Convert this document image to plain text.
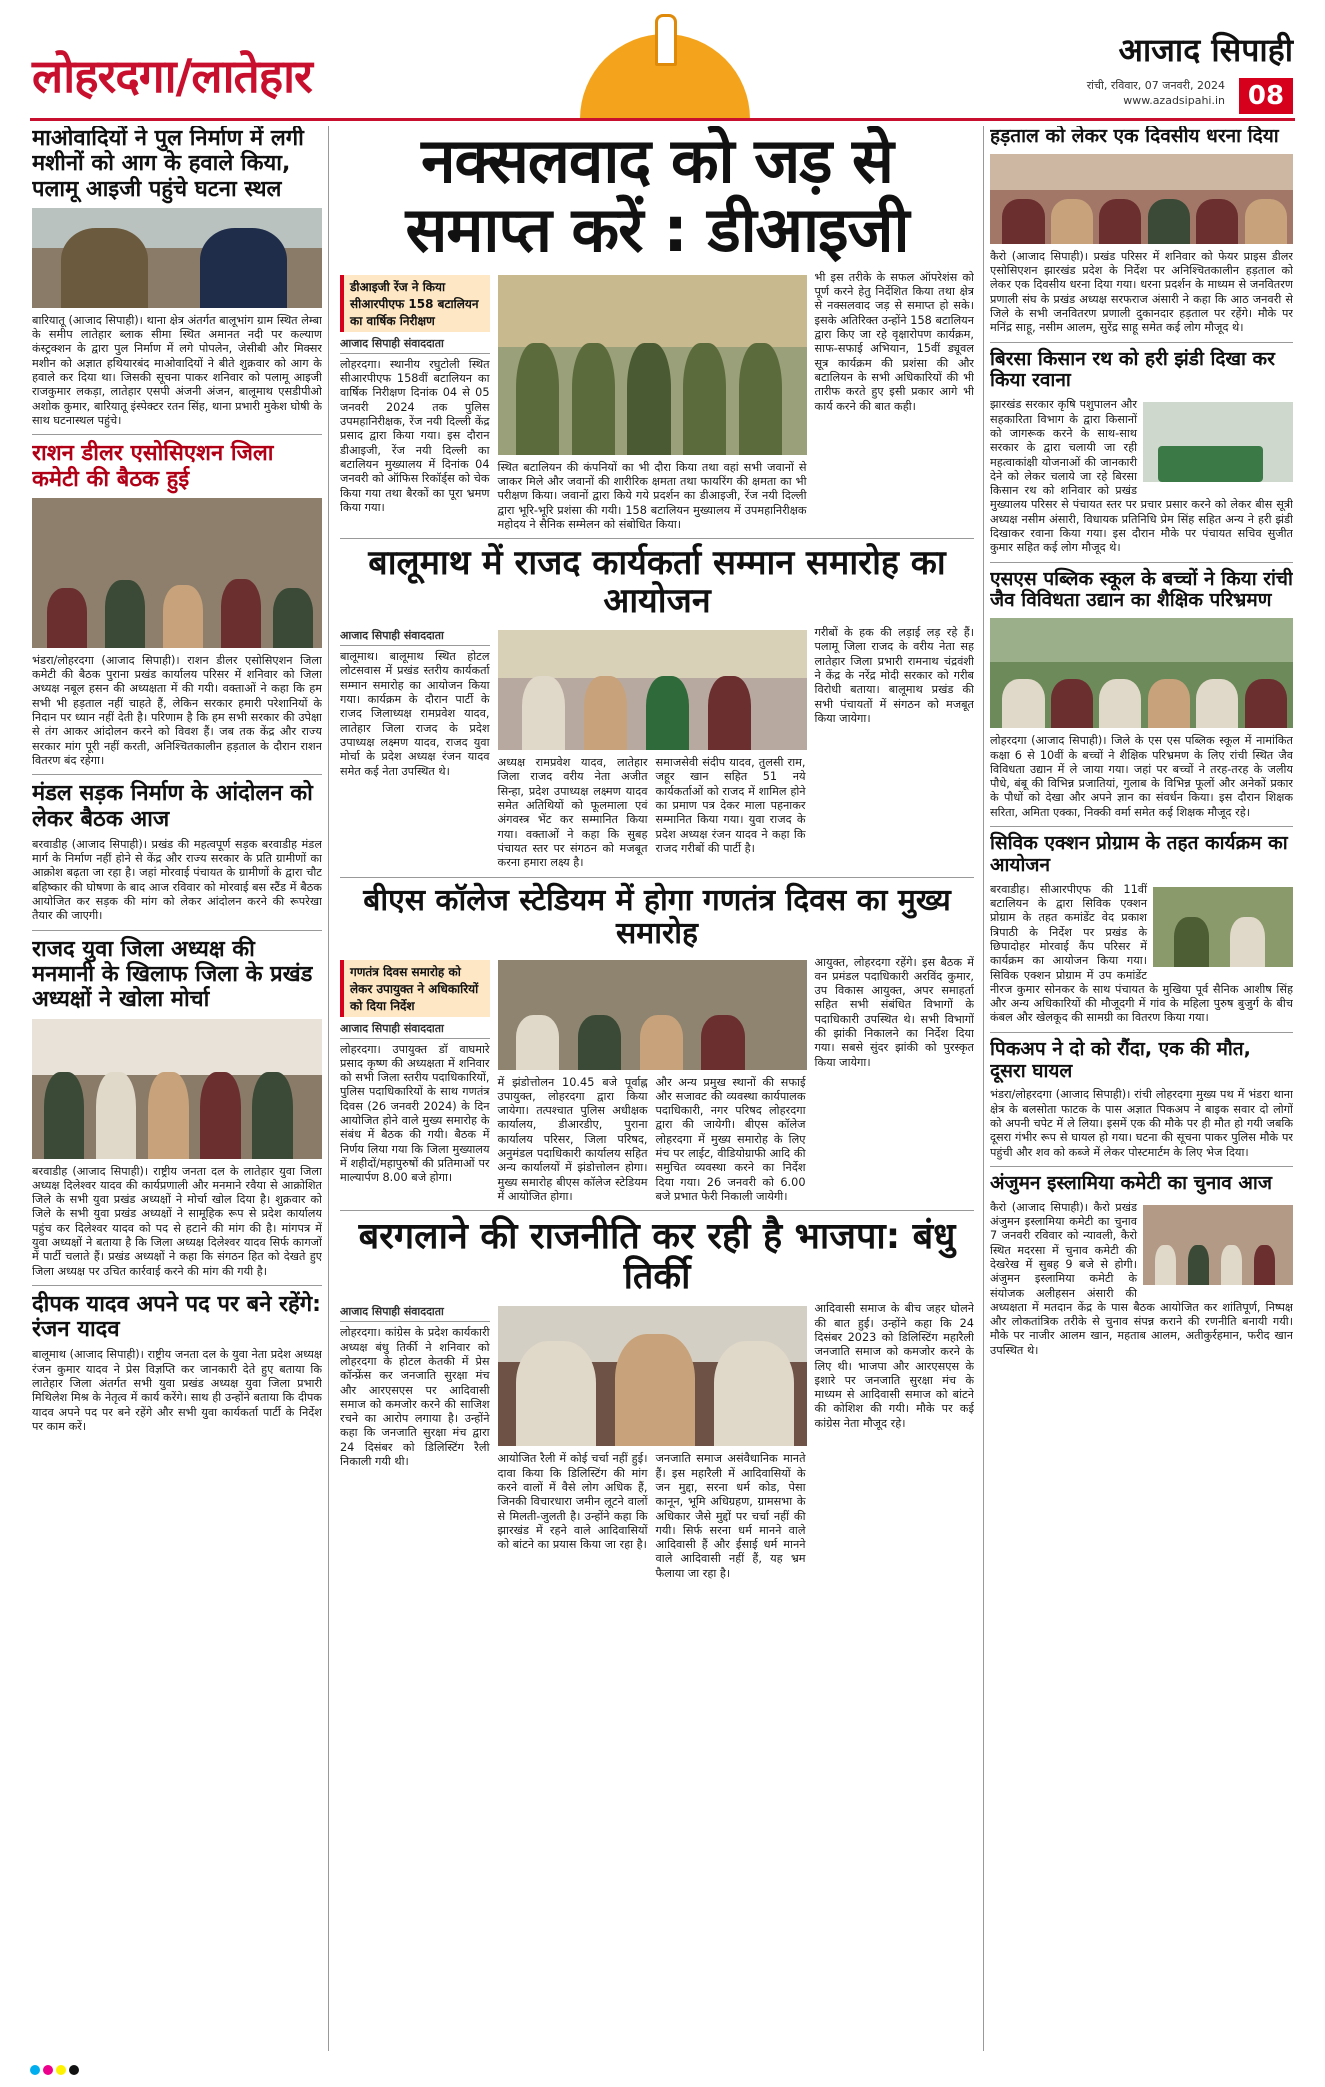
लोहरदगा/लातेहार	आजाद सिपाही
रांची, रविवार, 07 जनवरी, 2024
www.azadsipahi.in 08
माओवादियों ने पुल निर्माण में लगी मशीनों को आग के हवाले किया, पलामू आइजी पहुंचे घटना स्थल
बारियातू (आजाद सिपाही)। थाना क्षेत्र अंतर्गत बालूभांग ग्राम स्थित लेम्बा के समीप लातेहार ब्लाक सीमा स्थित अमानत नदी पर कल्याण कंस्ट्रक्शन के द्वारा पुल निर्माण में लगे पोपलेन, जेसीबी और मिक्सर मशीन को अज्ञात हथियारबंद माओवादियों ने बीते शुक्रवार को आग के हवाले कर दिया था। जिसकी सूचना पाकर शनिवार को पलामू आइजी राजकुमार लकड़ा, लातेहार एसपी अंजनी अंजन, बालूमाथ एसडीपीओ अशोक कुमार, बारियातू इंस्पेक्टर रतन सिंह, थाना प्रभारी मुकेश घोषी के साथ घटनास्थल पहुंचे।
राशन डीलर एसोसिएशन जिला कमेटी की बैठक हुई
भंडरा/लोहरदगा (आजाद सिपाही)। राशन डीलर एसोसिएशन जिला कमेटी की बैठक पुराना प्रखंड कार्यालय परिसर में शनिवार को जिला अध्यक्ष नबूल हसन की अध्यक्षता में की गयी। वक्ताओं ने कहा कि हम सभी भी हड़ताल नहीं चाहते हैं, लेकिन सरकार हमारी परेशानियों के निदान पर ध्यान नहीं देती है। परिणाम है कि हम सभी सरकार की उपेक्षा से तंग आकर आंदोलन करने को विवश हैं। जब तक केंद्र और राज्य सरकार मांग पूरी नहीं करती, अनिश्चितकालीन हड़ताल के दौरान राशन वितरण बंद रहेगा।
मंडल सड़क निर्माण के आंदोलन को लेकर बैठक आज
बरवाडीह (आजाद सिपाही)। प्रखंड की महत्वपूर्ण सड़क बरवाडीह मंडल मार्ग के निर्माण नहीं होने से केंद्र और राज्य सरकार के प्रति ग्रामीणों का आक्रोश बढ़ता जा रहा है। जहां मोरवाई पंचायत के ग्रामीणों के द्वारा चौट बहिष्कार की घोषणा के बाद आज रविवार को मोरवाई बस स्टैंड में बैठक आयोजित कर सड़क की मांग को लेकर आंदोलन करने की रूपरेखा तैयार की जाएगी।
राजद युवा जिला अध्यक्ष की मनमानी के खिलाफ जिला के प्रखंड अध्यक्षों ने खोला मोर्चा
बरवाडीह (आजाद सिपाही)। राष्ट्रीय जनता दल के लातेहार युवा जिला अध्यक्ष दिलेश्वर यादव की कार्यप्रणाली और मनमाने रवैया से आक्रोशित जिले के सभी युवा प्रखंड अध्यक्षों ने मोर्चा खोल दिया है। शुक्रवार को जिले के सभी युवा प्रखंड अध्यक्षों ने सामूहिक रूप से प्रदेश कार्यालय पहुंच कर दिलेश्वर यादव को पद से हटाने की मांग की है। मांगपत्र में युवा अध्यक्षों ने बताया है कि जिला अध्यक्ष दिलेश्वर यादव सिर्फ कागजों में पार्टी चलाते हैं। प्रखंड अध्यक्षों ने कहा कि संगठन हित को देखते हुए जिला अध्यक्ष पर उचित कार्रवाई करने की मांग की गयी है।
दीपक यादव अपने पद पर बने रहेंगे: रंजन यादव
बालूमाथ (आजाद सिपाही)। राष्ट्रीय जनता दल के युवा नेता प्रदेश अध्यक्ष रंजन कुमार यादव ने प्रेस विज्ञप्ति कर जानकारी देते हुए बताया कि लातेहार जिला अंतर्गत सभी युवा प्रखंड अध्यक्ष युवा जिला प्रभारी मिथिलेश मिश्र के नेतृत्व में कार्य करेंगे। साथ ही उन्होंने बताया कि दीपक यादव अपने पद पर बने रहेंगे और सभी युवा कार्यकर्ता पार्टी के निर्देश पर काम करें।
नक्सलवाद को जड़ से समाप्त करें : डीआइजी
डीआइजी रेंज ने किया सीआरपीएफ 158 बटालियन का वार्षिक निरीक्षण
आजाद सिपाही संवाददाता
लोहरदगा। स्थानीय रघुटोली स्थित सीआरपीएफ 158वीं बटालियन का वार्षिक निरीक्षण दिनांक 04 से 05 जनवरी 2024 तक पुलिस उपमहानिरीक्षक, रेंज नयी दिल्ली केंद्र प्रसाद द्वारा किया गया। इस दौरान डीआइजी, रेंज नयी दिल्ली का बटालियन मुख्यालय में दिनांक 04 जनवरी को ऑफिस रिकॉर्ड्स को चेक किया गया तथा बैरकों का पूरा भ्रमण किया गया।
स्थित बटालियन की कंपनियों का भी दौरा किया तथा वहां सभी जवानों से जाकर मिले और जवानों की शारीरिक क्षमता तथा फायरिंग की क्षमता का भी परीक्षण किया। जवानों द्वारा किये गये प्रदर्शन का डीआइजी, रेंज नयी दिल्ली द्वारा भूरि-भूरि प्रशंसा की गयी। 158 बटालियन मुख्यालय में उपमहानिरीक्षक महोदय ने सैनिक सम्मेलन को संबोधित किया।
भी इस तरीके के सफल ऑपरेशंस को पूर्ण करने हेतु निर्देशित किया तथा क्षेत्र से नक्सलवाद जड़ से समाप्त हो सके। इसके अतिरिक्त उन्होंने 158 बटालियन द्वारा किए जा रहे वृक्षारोपण कार्यक्रम, साफ-सफाई अभियान, 15वीं ड्यूवल सूत्र कार्यक्रम की प्रशंसा की और बटालियन के सभी अधिकारियों की भी तारीफ करते हुए इसी प्रकार आगे भी कार्य करने की बात कही।
बालूमाथ में राजद कार्यकर्ता सम्मान समारोह का आयोजन
आजाद सिपाही संवाददाता
बालूमाथ। बालूमाथ स्थित होटल लोटसवास में प्रखंड स्तरीय कार्यकर्ता सम्मान समारोह का आयोजन किया गया। कार्यक्रम के दौरान पार्टी के राजद जिलाध्यक्ष रामप्रवेश यादव, लातेहार जिला राजद के प्रदेश उपाध्यक्ष लक्ष्मण यादव, राजद युवा मोर्चा के प्रदेश अध्यक्ष रंजन यादव समेत कई नेता उपस्थित थे।
अध्यक्ष रामप्रवेश यादव, लातेहार जिला राजद वरीय नेता अजीत सिन्हा, प्रदेश उपाध्यक्ष लक्ष्मण यादव समेत अतिथियों को फूलमाला एवं अंगवस्त्र भेंट कर सम्मानित किया गया। वक्ताओं ने कहा कि सुबह पंचायत स्तर पर संगठन को मजबूत करना हमारा लक्ष्य है।
समाजसेवी संदीप यादव, तुलसी राम, जहूर खान सहित 51 नये कार्यकर्ताओं को राजद में शामिल होने का प्रमाण पत्र देकर माला पहनाकर सम्मानित किया गया। युवा राजद के प्रदेश अध्यक्ष रंजन यादव ने कहा कि राजद गरीबों की पार्टी है।
गरीबों के हक की लड़ाई लड़ रहे हैं। पलामू जिला राजद के वरीय नेता सह लातेहार जिला प्रभारी रामनाथ चंद्रवंशी ने केंद्र के नरेंद्र मोदी सरकार को गरीब विरोधी बताया। बालूमाथ प्रखंड की सभी पंचायतों में संगठन को मजबूत किया जायेगा।
बीएस कॉलेज स्टेडियम में होगा गणतंत्र दिवस का मुख्य समारोह
गणतंत्र दिवस समारोह को लेकर उपायुक्त ने अधिकारियों को दिया निर्देश
आजाद सिपाही संवाददाता
लोहरदगा। उपायुक्त डॉ वाघमारे प्रसाद कृष्ण की अध्यक्षता में शनिवार को सभी जिला स्तरीय पदाधिकारियों, पुलिस पदाधिकारियों के साथ गणतंत्र दिवस (26 जनवरी 2024) के दिन आयोजित होने वाले मुख्य समारोह के संबंध में बैठक की गयी। बैठक में निर्णय लिया गया कि जिला मुख्यालय में शहीदों/महापुरुषों की प्रतिमाओं पर माल्यार्पण 8.00 बजे होगा।
में झंडोत्तोलन 10.45 बजे पूर्वाह्न उपायुक्त, लोहरदगा द्वारा किया जायेगा। तत्पश्चात पुलिस अधीक्षक कार्यालय, डीआरडीए, पुराना कार्यालय परिसर, जिला परिषद, अनुमंडल पदाधिकारी कार्यालय सहित अन्य कार्यालयों में झंडोत्तोलन होगा। मुख्य समारोह बीएस कॉलेज स्टेडियम में आयोजित होगा।
और अन्य प्रमुख स्थानों की सफाई और सजावट की व्यवस्था कार्यपालक पदाधिकारी, नगर परिषद लोहरदगा द्वारा की जायेगी। बीएस कॉलेज लोहरदगा में मुख्य समारोह के लिए मंच पर लाईट, वीडियोग्राफी आदि की समुचित व्यवस्था करने का निर्देश दिया गया। 26 जनवरी को 6.00 बजे प्रभात फेरी निकाली जायेगी।
आयुक्त, लोहरदगा रहेंगे। इस बैठक में वन प्रमंडल पदाधिकारी अरविंद कुमार, उप विकास आयुक्त, अपर समाहर्ता सहित सभी संबंधित विभागों के पदाधिकारी उपस्थित थे। सभी विभागों की झांकी निकालने का निर्देश दिया गया। सबसे सुंदर झांकी को पुरस्कृत किया जायेगा।
बरगलाने की राजनीति कर रही है भाजपा: बंधु तिर्की
आजाद सिपाही संवाददाता
लोहरदगा। कांग्रेस के प्रदेश कार्यकारी अध्यक्ष बंधु तिर्की ने शनिवार को लोहरदगा के होटल केतकी में प्रेस कॉन्फ्रेंस कर जनजाति सुरक्षा मंच और आरएसएस पर आदिवासी समाज को कमजोर करने की साजिश रचने का आरोप लगाया है। उन्होंने कहा कि जनजाति सुरक्षा मंच द्वारा 24 दिसंबर को डिलिस्टिंग रैली निकाली गयी थी।	आयोजित रैली में कोई चर्चा नहीं हुई। दावा किया कि डिलिस्टिंग की मांग करने वालों में वैसे लोग अधिक हैं, जिनकी विचारधारा जमीन लूटने वालों से मिलती-जुलती है। उन्होंने कहा कि झारखंड में रहने वाले आदिवासियों को बांटने का प्रयास किया जा रहा है।
जनजाति समाज असंवैधानिक मानते हैं। इस महारैली में आदिवासियों के जन मुद्दा, सरना धर्म कोड, पेसा कानून, भूमि अधिग्रहण, ग्रामसभा के अधिकार जैसे मुद्दों पर चर्चा नहीं की गयी। सिर्फ सरना धर्म मानने वाले आदिवासी हैं और ईसाई धर्म मानने वाले आदिवासी नहीं हैं, यह भ्रम फैलाया जा रहा है।
आदिवासी समाज के बीच जहर घोलने की बात हुई। उन्होंने कहा कि 24 दिसंबर 2023 को डिलिस्टिंग महारैली जनजाति समाज को कमजोर करने के लिए थी। भाजपा और आरएसएस के इशारे पर जनजाति सुरक्षा मंच के माध्यम से आदिवासी समाज को बांटने की कोशिश की गयी। मौके पर कई कांग्रेस नेता मौजूद रहे।
हड़ताल को लेकर एक दिवसीय धरना दिया
कैरो (आजाद सिपाही)। प्रखंड परिसर में शनिवार को फेयर प्राइस डीलर एसोसिएशन झारखंड प्रदेश के निर्देश पर अनिश्चितकालीन हड़ताल को लेकर एक दिवसीय धरना दिया गया। धरना प्रदर्शन के माध्यम से जनवितरण प्रणाली संघ के प्रखंड अध्यक्ष सरफराज अंसारी ने कहा कि आठ जनवरी से जिले के सभी जनवितरण प्रणाली दुकानदार हड़ताल पर रहेंगे। मौके पर मनिंद्र साहू, नसीम आलम, सुरेंद्र साहू समेत कई लोग मौजूद थे।
बिरसा किसान रथ को हरी झंडी दिखा कर किया रवाना
झारखंड सरकार कृषि पशुपालन और सहकारिता विभाग के द्वारा किसानों को जागरूक करने के साथ-साथ सरकार के द्वारा चलायी जा रही महत्वाकांक्षी योजनाओं की जानकारी देने को लेकर चलाये जा रहे बिरसा किसान रथ को शनिवार को प्रखंड मुख्यालय परिसर से पंचायत स्तर पर प्रचार प्रसार करने को लेकर बीस सूत्री अध्यक्ष नसीम अंसारी, विधायक प्रतिनिधि प्रेम सिंह सहित अन्य ने हरी झंडी दिखाकर रवाना किया गया। इस दौरान मौके पर पंचायत सचिव सुजीत कुमार सहित कई लोग मौजूद थे।
एसएस पब्लिक स्कूल के बच्चों ने किया रांची जैव विविधता उद्यान का शैक्षिक परिभ्रमण
लोहरदगा (आजाद सिपाही)। जिले के एस एस पब्लिक स्कूल में नामांकित कक्षा 6 से 10वीं के बच्चों ने शैक्षिक परिभ्रमण के लिए रांची स्थित जैव विविधता उद्यान में ले जाया गया। जहां पर बच्चों ने तरह-तरह के जलीय पौधे, बंबू की विभिन्न प्रजातियां, गुलाब के विभिन्न फूलों और अनेकों प्रकार के पौधों को देखा और अपने ज्ञान का संवर्धन किया। इस दौरान शिक्षक सरिता, अमिता एक्का, निक्की वर्मा समेत कई शिक्षक मौजूद रहे।
सिविक एक्शन प्रोग्राम के तहत कार्यक्रम का आयोजन
बरवाडीह। सीआरपीएफ की 11वीं बटालियन के द्वारा सिविक एक्शन प्रोग्राम के तहत कमांडेंट वेद प्रकाश त्रिपाठी के निर्देश पर प्रखंड के छिपादोहर मोरवाई कैंप परिसर में कार्यक्रम का आयोजन किया गया। सिविक एक्शन प्रोग्राम में उप कमांडेंट नीरज कुमार सोनकर के साथ पंचायत के मुखिया पूर्व सैनिक आशीष सिंह और अन्य अधिकारियों की मौजूदगी में गांव के महिला पुरुष बुजुर्ग के बीच कंबल और खेलकूद की सामग्री का वितरण किया गया।
पिकअप ने दो को रौंदा, एक की मौत, दूसरा घायल
भंडरा/लोहरदगा (आजाद सिपाही)। रांची लोहरदगा मुख्य पथ में भंडरा थाना क्षेत्र के बलसोता फाटक के पास अज्ञात पिकअप ने बाइक सवार दो लोगों को अपनी चपेट में ले लिया। इसमें एक की मौके पर ही मौत हो गयी जबकि दूसरा गंभीर रूप से घायल हो गया। घटना की सूचना पाकर पुलिस मौके पर पहुंची और शव को कब्जे में लेकर पोस्टमार्टम के लिए भेज दिया।
अंजुमन इस्लामिया कमेटी का चुनाव आज
कैरो (आजाद सिपाही)। कैरो प्रखंड अंजुमन इस्लामिया कमेटी का चुनाव 7 जनवरी रविवार को न्यावली, कैरो स्थित मदरसा में चुनाव कमेटी की देखरेख में सुबह 9 बजे से होगी। अंजुमन इस्लामिया कमेटी के संयोजक अलीहसन अंसारी की अध्यक्षता में मतदान केंद्र के पास बैठक आयोजित कर शांतिपूर्ण, निष्पक्ष और लोकतांत्रिक तरीके से चुनाव संपन्न कराने की रणनीति बनायी गयी। मौके पर नाजीर आलम खान, महताब आलम, अतीकुर्रहमान, फरीद खान उपस्थित थे।
